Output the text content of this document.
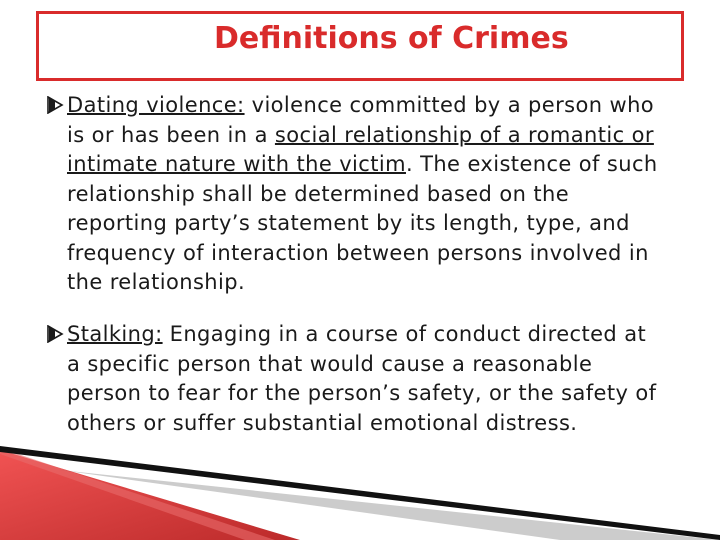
Definitions of Crimes

Dating violence: violence committed by a person who is or has been in a social relationship of a romantic or intimate nature with the victim. The existence of such relationship shall be determined based on the reporting party’s statement by its length, type, and frequency of interaction between persons involved in the relationship.

Stalking: Engaging in a course of conduct directed at a specific person that would cause a reasonable person to fear for the person’s safety, or the safety of others or suffer substantial emotional distress.
